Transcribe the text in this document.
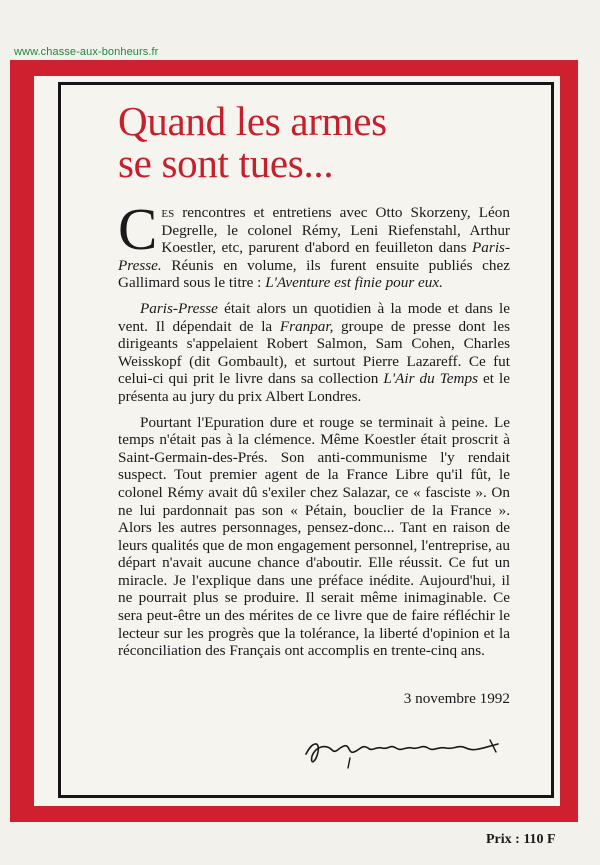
www.chasse-aux-bonheurs.fr
Quand les armes
se sont tues...

Ces rencontres et entretiens avec Otto Skorzeny, Léon Degrelle, le colonel Rémy, Leni Riefenstahl, Arthur Koestler, etc, parurent d'abord en feuilleton dans Paris-Presse. Réunis en volume, ils furent ensuite publiés chez Gallimard sous le titre : L'Aventure est finie pour eux.

Paris-Presse était alors un quotidien à la mode et dans le vent. Il dépendait de la Franpar, groupe de presse dont les dirigeants s'appelaient Robert Salmon, Sam Cohen, Charles Weisskopf (dit Gombault), et surtout Pierre Lazareff. Ce fut celui-ci qui prit le livre dans sa collection L'Air du Temps et le présenta au jury du prix Albert Londres.

Pourtant l'Epuration dure et rouge se terminait à peine. Le temps n'était pas à la clémence. Même Koestler était proscrit à Saint-Germain-des-Prés. Son anti-communisme l'y rendait suspect. Tout premier agent de la France Libre qu'il fût, le colonel Rémy avait dû s'exiler chez Salazar, ce « fasciste ». On ne lui pardonnait pas son « Pétain, bouclier de la France ». Alors les autres personnages, pensez-donc... Tant en raison de leurs qualités que de mon engagement personnel, l'entreprise, au départ n'avait aucune chance d'aboutir. Elle réussit. Ce fut un miracle. Je l'explique dans une préface inédite. Aujourd'hui, il ne pourrait plus se produire. Il serait même inimaginable. Ce sera peut-être un des mérites de ce livre que de faire réfléchir le lecteur sur les progrès que la tolérance, la liberté d'opinion et la réconciliation des Français ont accomplis en trente-cinq ans.

3 novembre 1992
Prix : 110 F
